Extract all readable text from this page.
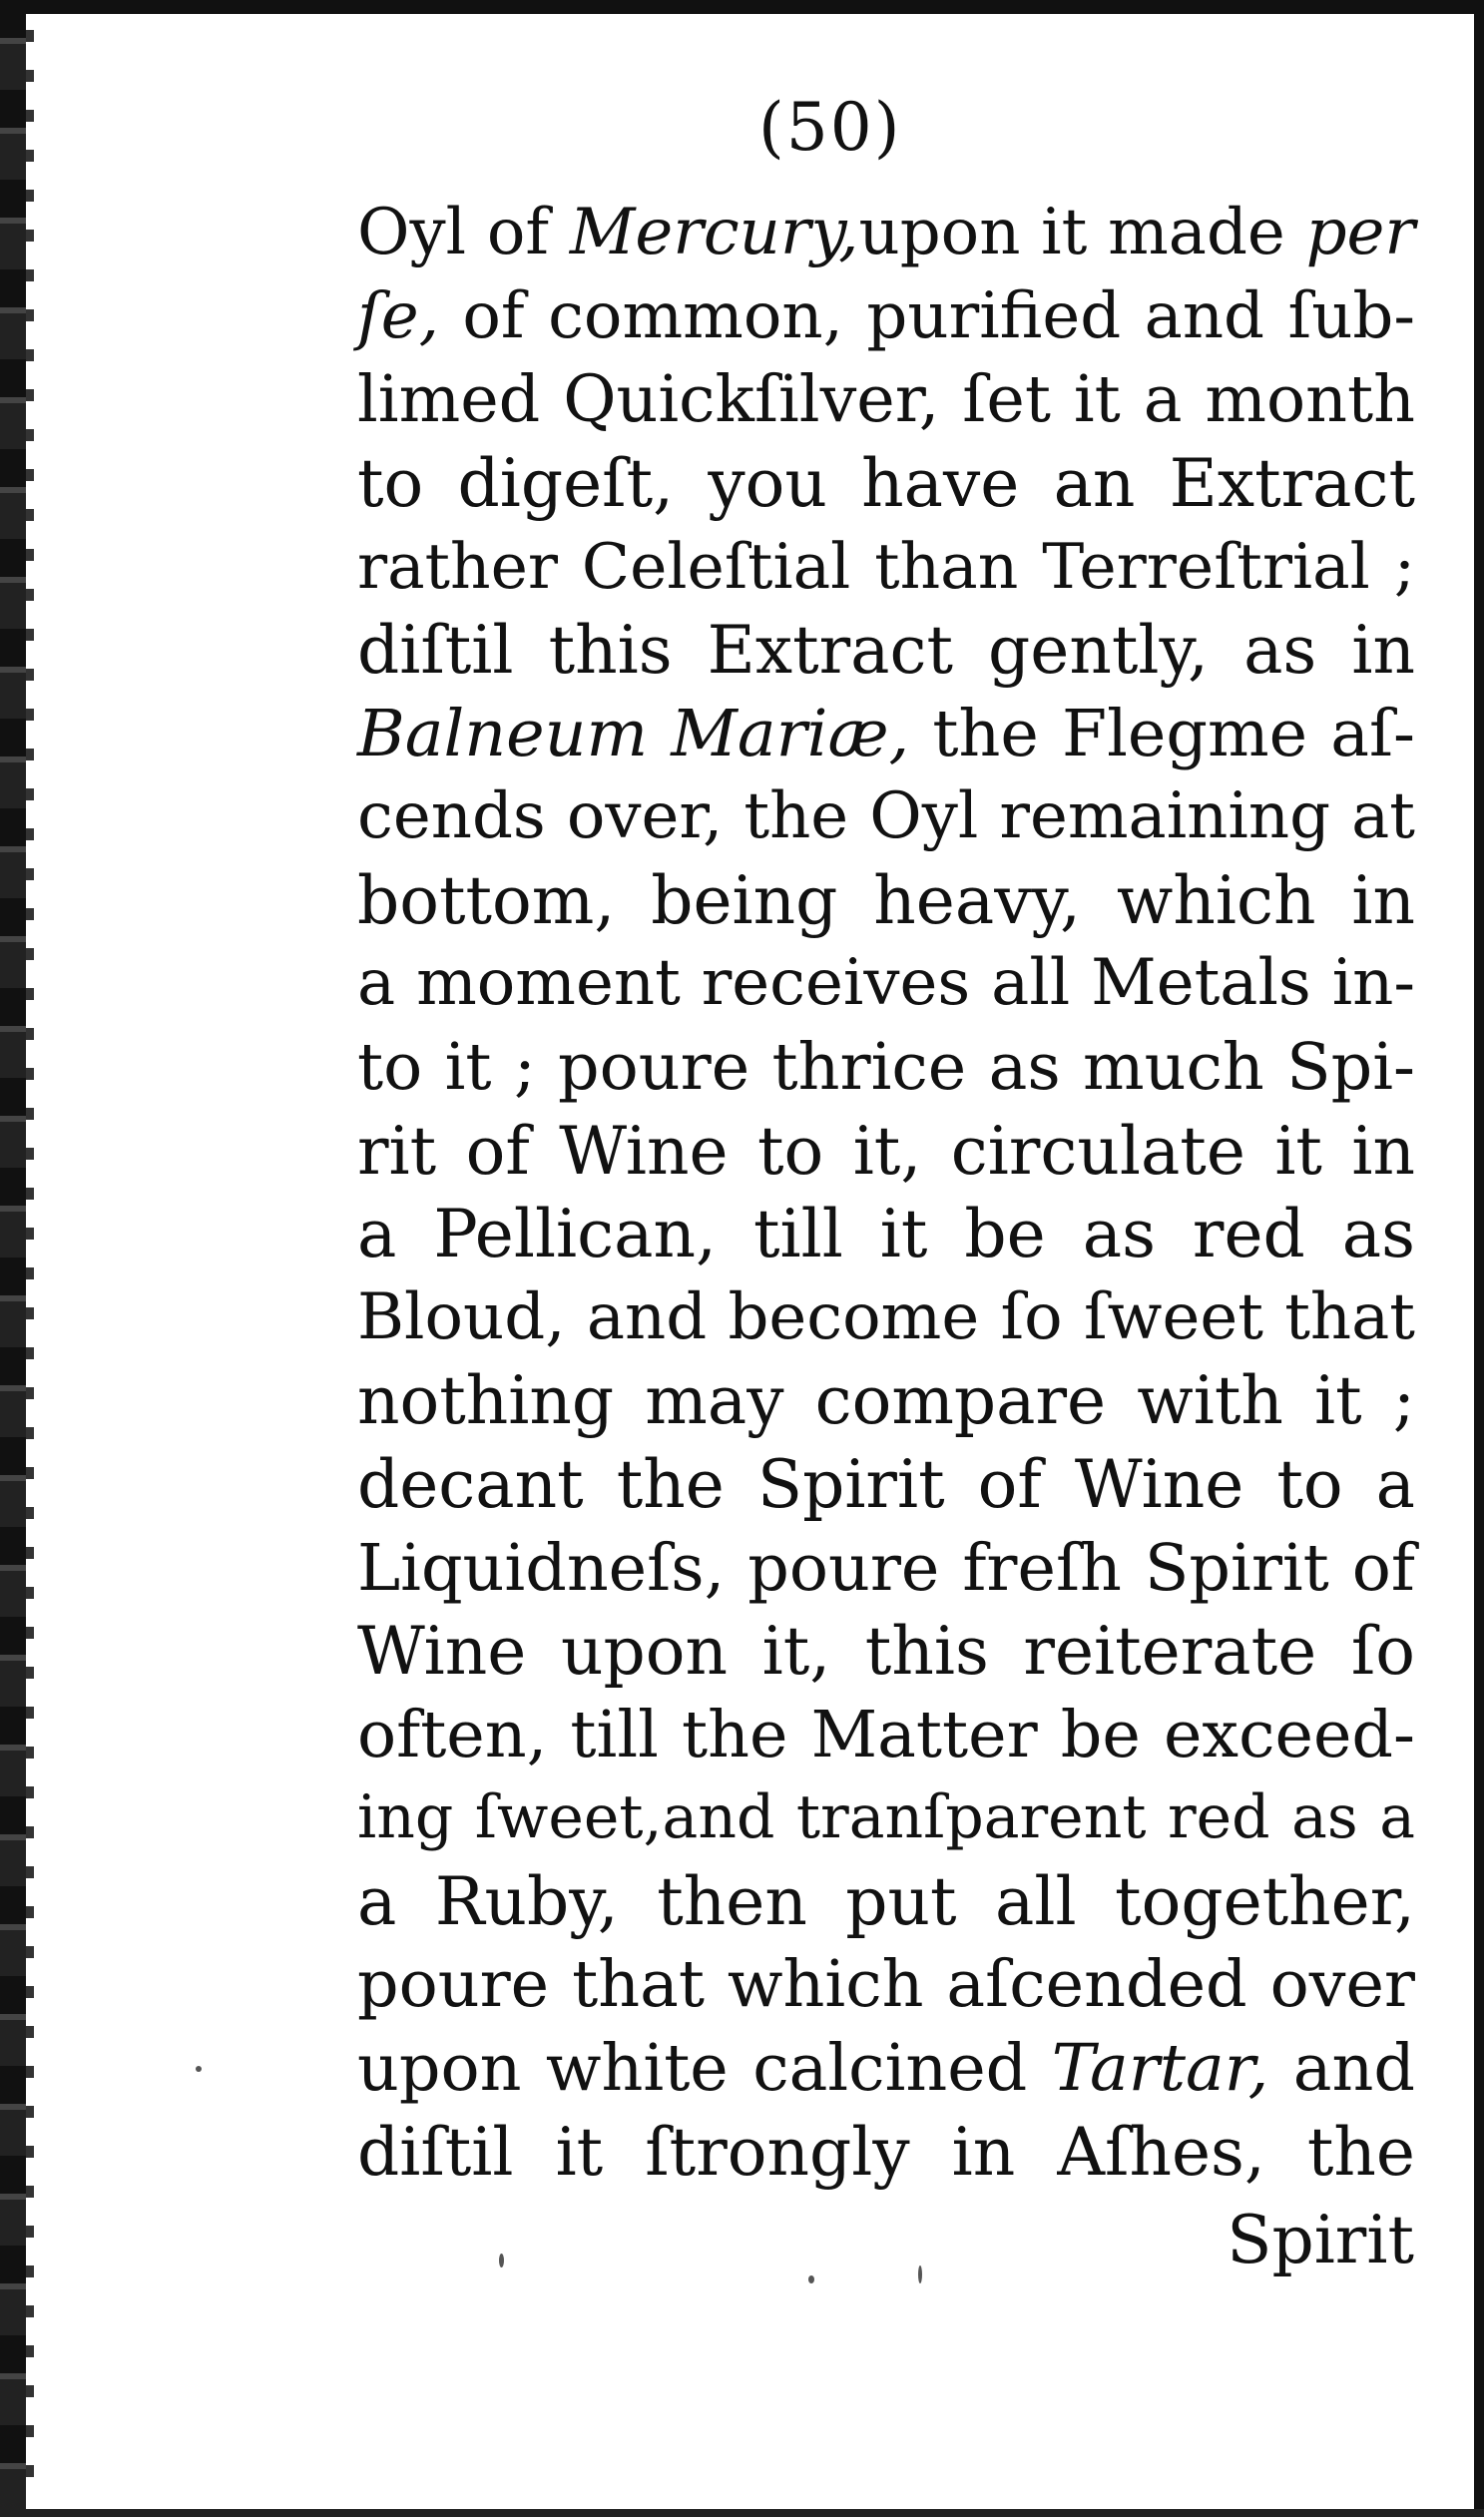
(50)
Oyl of Mercury,upon it made per
ſe, of common, purified and ſub-
limed Quickſilver, ſet it a month
to digeſt, you have an Extract
rather Celeſtial than Terreſtrial ;
diſtil this Extract gently, as in
Balneum Mariæ, the Flegme aſ-
cends over, the Oyl remaining at
bottom, being heavy, which in
a moment receives all Metals in-
to it ; poure thrice as much Spi-
rit of Wine to it, circulate it in
a Pellican, till it be as red as
Bloud, and become ſo ſweet that
nothing may compare with it ;
decant the Spirit of Wine to a
Liquidneſs, poure freſh Spirit of
Wine upon it, this reiterate ſo
often, till the Matter be exceed-
ing ſweet,and tranſparent red as a
a Ruby, then put all together,
poure that which aſcended over
upon white calcined Tartar, and
diſtil it ſtrongly in Aſhes, the
Spirit
